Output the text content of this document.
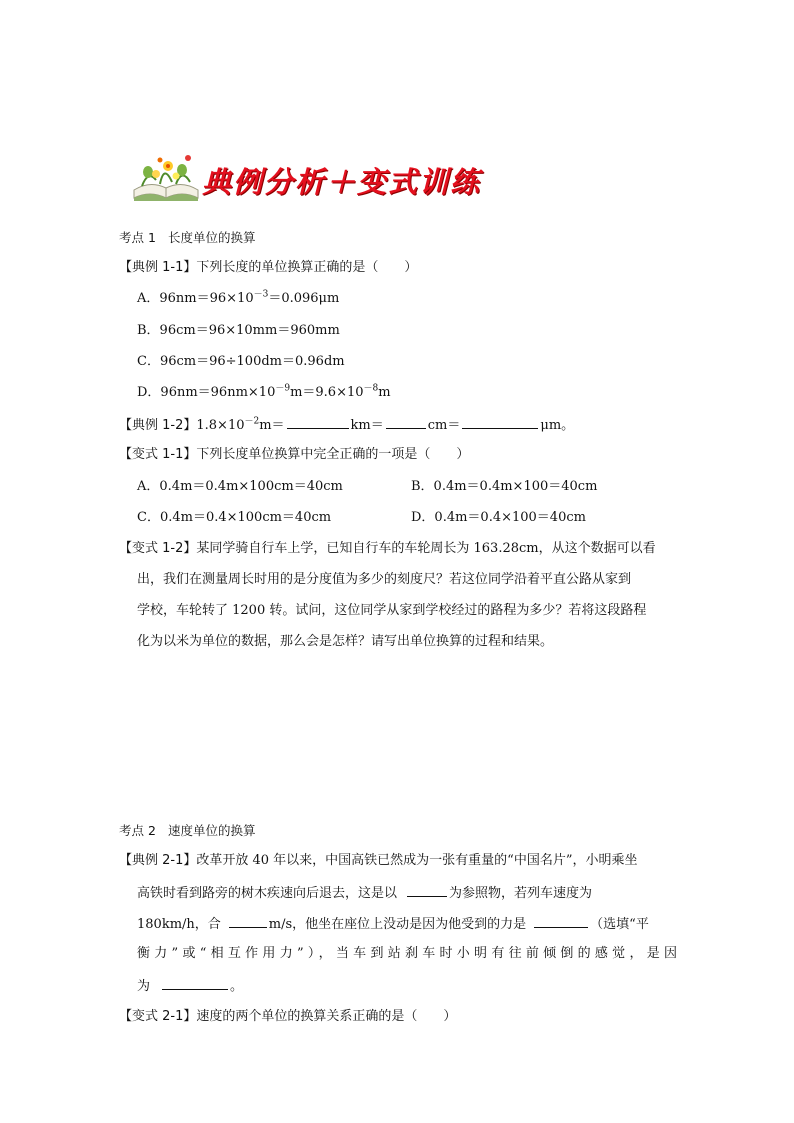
典例分析＋变式训练
考点 1 长度单位的换算
【典例 1-1】下列长度的单位换算正确的是（　　）
A．$96nm=96\times 10^{-3}=0.096\mu m$
B．96cm＝96×10mm＝960mm
C．96cm＝96÷100dm＝0.96dm
D．$96nm=96nm\times 10^{-9}m=9.6\times 10^{-8}m$
【典例 1-2】$1.8\times 10^{-2}m=$	km＝	cm＝	μm。
【变式 1-1】下列长度单位换算中完全正确的一项是（　　）
A．0.4m＝0.4m×100cm＝40cm	B．0.4m＝0.4m×100＝40cm
C．0.4m＝0.4×100cm＝40cm	D．0.4m＝0.4×100＝40cm
【变式 1-2】某同学骑自行车上学，已知自行车的车轮周长为 163.28cm，从这个数据可以看
出，我们在测量周长时用的是分度值为多少的刻度尺？若这位同学沿着平直公路从家到
学校，车轮转了 1200 转。试问，这位同学从家到学校经过的路程为多少？若将这段路程
化为以米为单位的数据，那么会是怎样？请写出单位换算的过程和结果。
考点 2 速度单位的换算
【典例 2-1】改革开放 40 年以来，中国高铁已然成为一张有重量的“中国名片”，小明乘坐
高铁时看到路旁的树木疾速向后退去，这是以	为参照物，若列车速度为
180km/h，合	m/s，他坐在座位上没动是因为他受到的力是	（选填“平
衡力”或“相互作用力”），当车到站刹车时小明有往前倾倒的感觉，是因
为	。
【变式 2-1】速度的两个单位的换算关系正确的是（　　）
